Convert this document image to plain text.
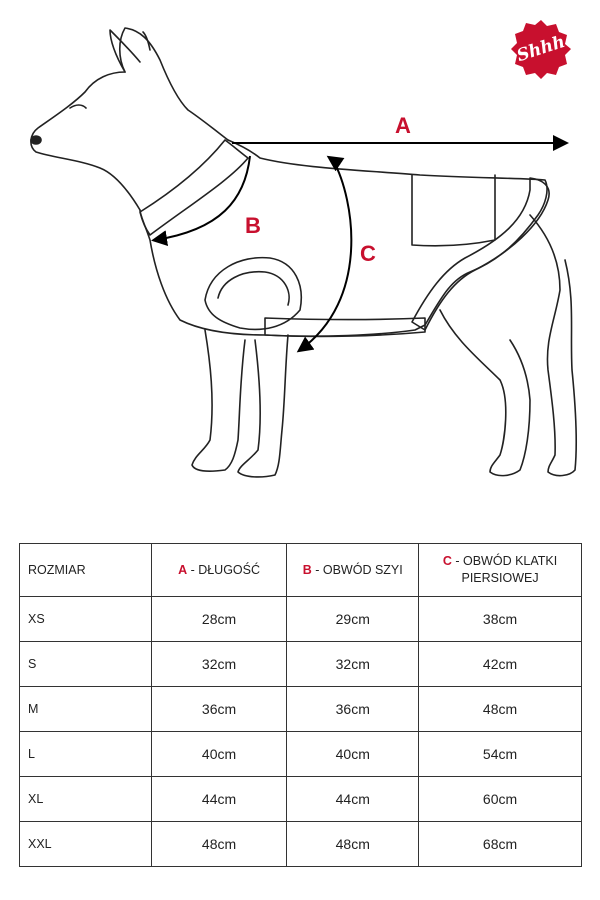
A
B
C
Shhh
ROZMIAR	A - DŁUGOŚĆ	B - OBWÓD SZYI	C - OBWÓD KLATKI PIERSIOWEJ
XS	28cm	29cm	38cm
S	32cm	32cm	42cm
M	36cm	36cm	48cm
L	40cm	40cm	54cm
XL	44cm	44cm	60cm
XXL	48cm	48cm	68cm
